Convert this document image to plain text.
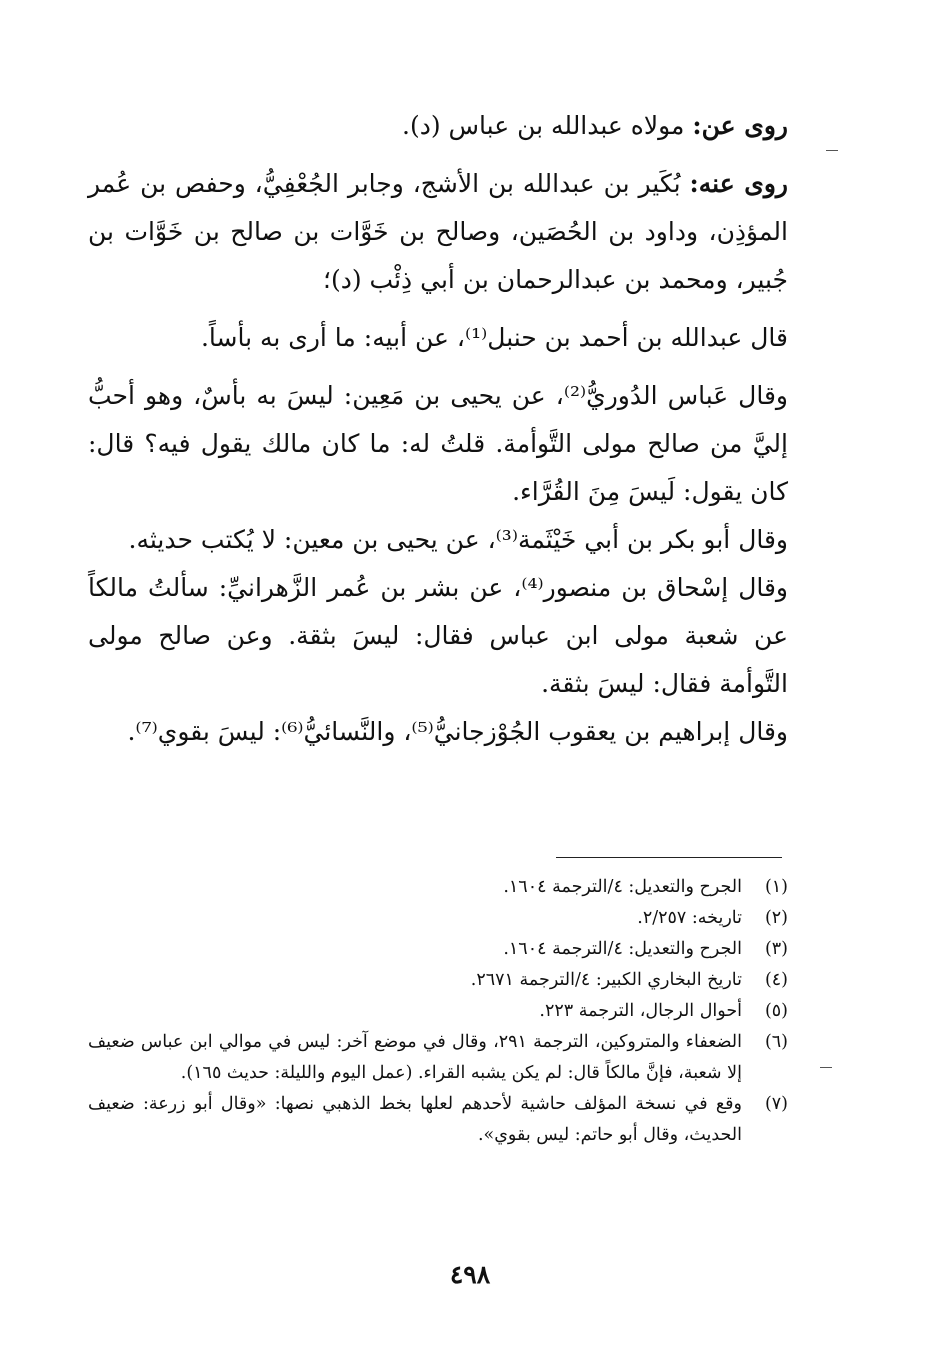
روى عن: مولاه عبدالله بن عباس (د).

روى عنه: بُكَير بن عبدالله بن الأشج، وجابر الجُعْفِيُّ، وحفص بن عُمر المؤذِن، وداود بن الحُصَين، وصالح بن خَوَّات بن صالح بن خَوَّات بن جُبير، ومحمد بن عبدالرحمان بن أبي ذِئْب (د)؛

قال عبدالله بن أحمد بن حنبل⁽¹⁾، عن أبيه: ما أرى به بأساً.

وقال عَباس الدُوريُّ⁽²⁾، عن يحيى بن مَعِين: ليسَ به بأسٌ، وهو أحبُّ إليَّ من صالح مولى التَّوأمة. قلتُ له: ما كان مالك يقول فيه؟ قال: كان يقول: لَيسَ مِنَ القُرَّاء.

وقال أبو بكر بن أبي خَيْثَمة⁽³⁾، عن يحيى بن معين: لا يُكتب حديثه.

وقال إسْحاق بن منصور⁽⁴⁾، عن بشر بن عُمر الزَّهرانيِّ: سألتُ مالكاً عن شعبة مولى ابن عباس فقال: ليسَ بثقة. وعن صالح مولى التَّوأمة فقال: ليسَ بثقة.

وقال إبراهيم بن يعقوب الجُوْزجانيُّ⁽⁵⁾، والنَّسائيُّ⁽⁶⁾: ليسَ بقوي⁽⁷⁾.

(١)
الجرح والتعديل: ٤/الترجمة ١٦٠٤.
(٢)
تاريخه: ٢/٢٥٧.
(٣)
الجرح والتعديل: ٤/الترجمة ١٦٠٤.
(٤)
تاريخ البخاري الكبير: ٤/الترجمة ٢٦٧١.
(٥)
أحوال الرجال، الترجمة ٢٢٣.
(٦)
الضعفاء والمتروكين، الترجمة ٢٩١، وقال في موضع آخر: ليس في موالي ابن عباس ضعيف إلا شعبة، فإنَّ مالكاً قال: لم يكن يشبه القراء. (عمل اليوم والليلة: حديث ١٦٥).
(٧)
وقع في نسخة المؤلف حاشية لأحدهم لعلها بخط الذهبي نصها: «وقال أبو زرعة: ضعيف الحديث، وقال أبو حاتم: ليس بقوي».
٤٩٨
